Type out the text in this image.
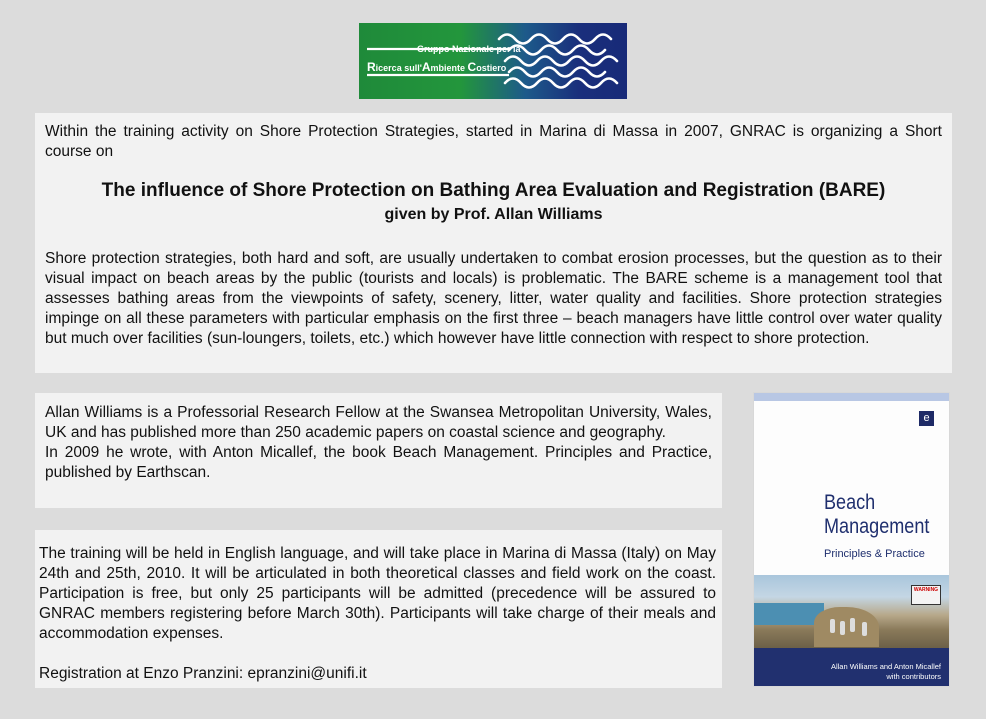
Gruppo Nazionale per la
Ricerca sull'Ambiente Costiero

Within the training activity on Shore Protection Strategies, started in Marina di Massa in 2007, GNRAC is organizing a Short course on

The influence of Shore Protection on Bathing Area Evaluation and Registration (BARE)
given by Prof. Allan Williams

Shore protection strategies, both hard and soft, are usually undertaken to combat erosion processes, but the question as to their visual impact on beach areas by the public (tourists and locals) is problematic. The BARE scheme is a management tool that assesses bathing areas from the viewpoints of safety, scenery, litter, water quality and facilities. Shore protection strategies impinge on all these parameters with particular emphasis on the first three – beach managers have little control over water quality but much over facilities (sun-loungers, toilets, etc.) which however have little connection with respect to shore protection.

Allan Williams is a Professorial Research Fellow at the Swansea Metropolitan University, Wales, UK and has published more than 250 academic papers on coastal science and geography.

In 2009 he wrote, with Anton Micallef, the book Beach Management. Principles and Practice, published by Earthscan.

The training will be held in English language, and will take place in Marina di Massa (Italy) on May 24th and 25th, 2010. It will be articulated in both theoretical classes and field work on the coast. Participation is free, but only 25 participants will be admitted (precedence will be assured to GNRAC members registering before March 30th). Participants will take charge of their meals and accommodation expenses.

Registration at Enzo Pranzini: epranzini@unifi.it

e
Beach
Management
Principles & Practice
WARNING
Allan Williams and Anton Micallef
with contributors
